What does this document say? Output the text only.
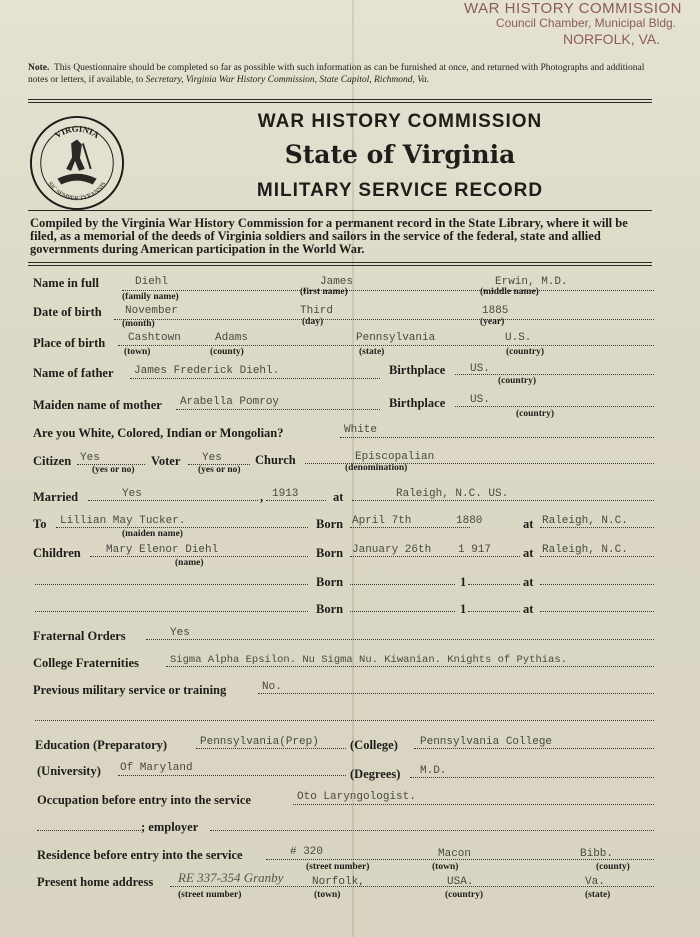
WAR HISTORY COMMISSION
Council Chamber, Municipal Bldg.
NORFOLK, VA.
Note. This Questionnaire should be completed so far as possible with such information as can be furnished at once, and returned with Photographs and additional notes or letters, if available, to Secretary, Virginia War History Commission, State Capitol, Richmond, Va.
VIRGINIA
SIC SEMPER TYRANNIS
WAR HISTORY COMMISSION
State of Virginia
MILITARY SERVICE RECORD
Compiled by the Virginia War History Commission for a permanent record in the State Library, where it will be filed, as a memorial of the deeds of Virginia soldiers and sailors in the service of the federal, state and allied governments during American participation in the World War.
Name in full	Diehl	James	Erwin, M.D.
(family name)	(first name)	(middle name)
Date of birth November	Third	1885
(month)	(day)	(year)
Place of birth Cashtown	Adams	Pennsylvania	U.S.
(town)	(county)	(state)	(country)
Name of father James Frederick Diehl.	Birthplace US.
(country)
Maiden name of mother Arabella Pomroy	Birthplace US.
(country)
Are you White, Colored, Indian or Mongolian?	White
Citizen Yes
(yes or no)
Voter Yes
(yes or no)
Church	Episcopalian
(denomination)
Married	Yes	, 1913	at	Raleigh, N.C. US.
To Lillian May Tucker.
(maiden name)
Born April 7th	1880	at Raleigh, N.C.
Children Mary Elenor Diehl
(name)
Born January 26th 1 917	at Raleigh, N.C.
Born	1	at
Born	1	at
Fraternal Orders	Yes
College Fraternities	Sigma Alpha Epsilon. Nu Sigma Nu. Kiwanian. Knights of Pythias.
Previous military service or training	No.
Education (Preparatory)	Pennsylvania(Prep) (College) Pennsylvania College
(University) Of Maryland	(Degrees) M.D.
Occupation before entry into the service	Oto Laryngologist.
; employer
Residence before entry into the service	# 320	Macon	Bibb.
(street number)	(town)	(county)
Present home address RE 337-354 Granby	Norfolk,	USA.	Va.
(street number)	(town)	(country)	(state)
